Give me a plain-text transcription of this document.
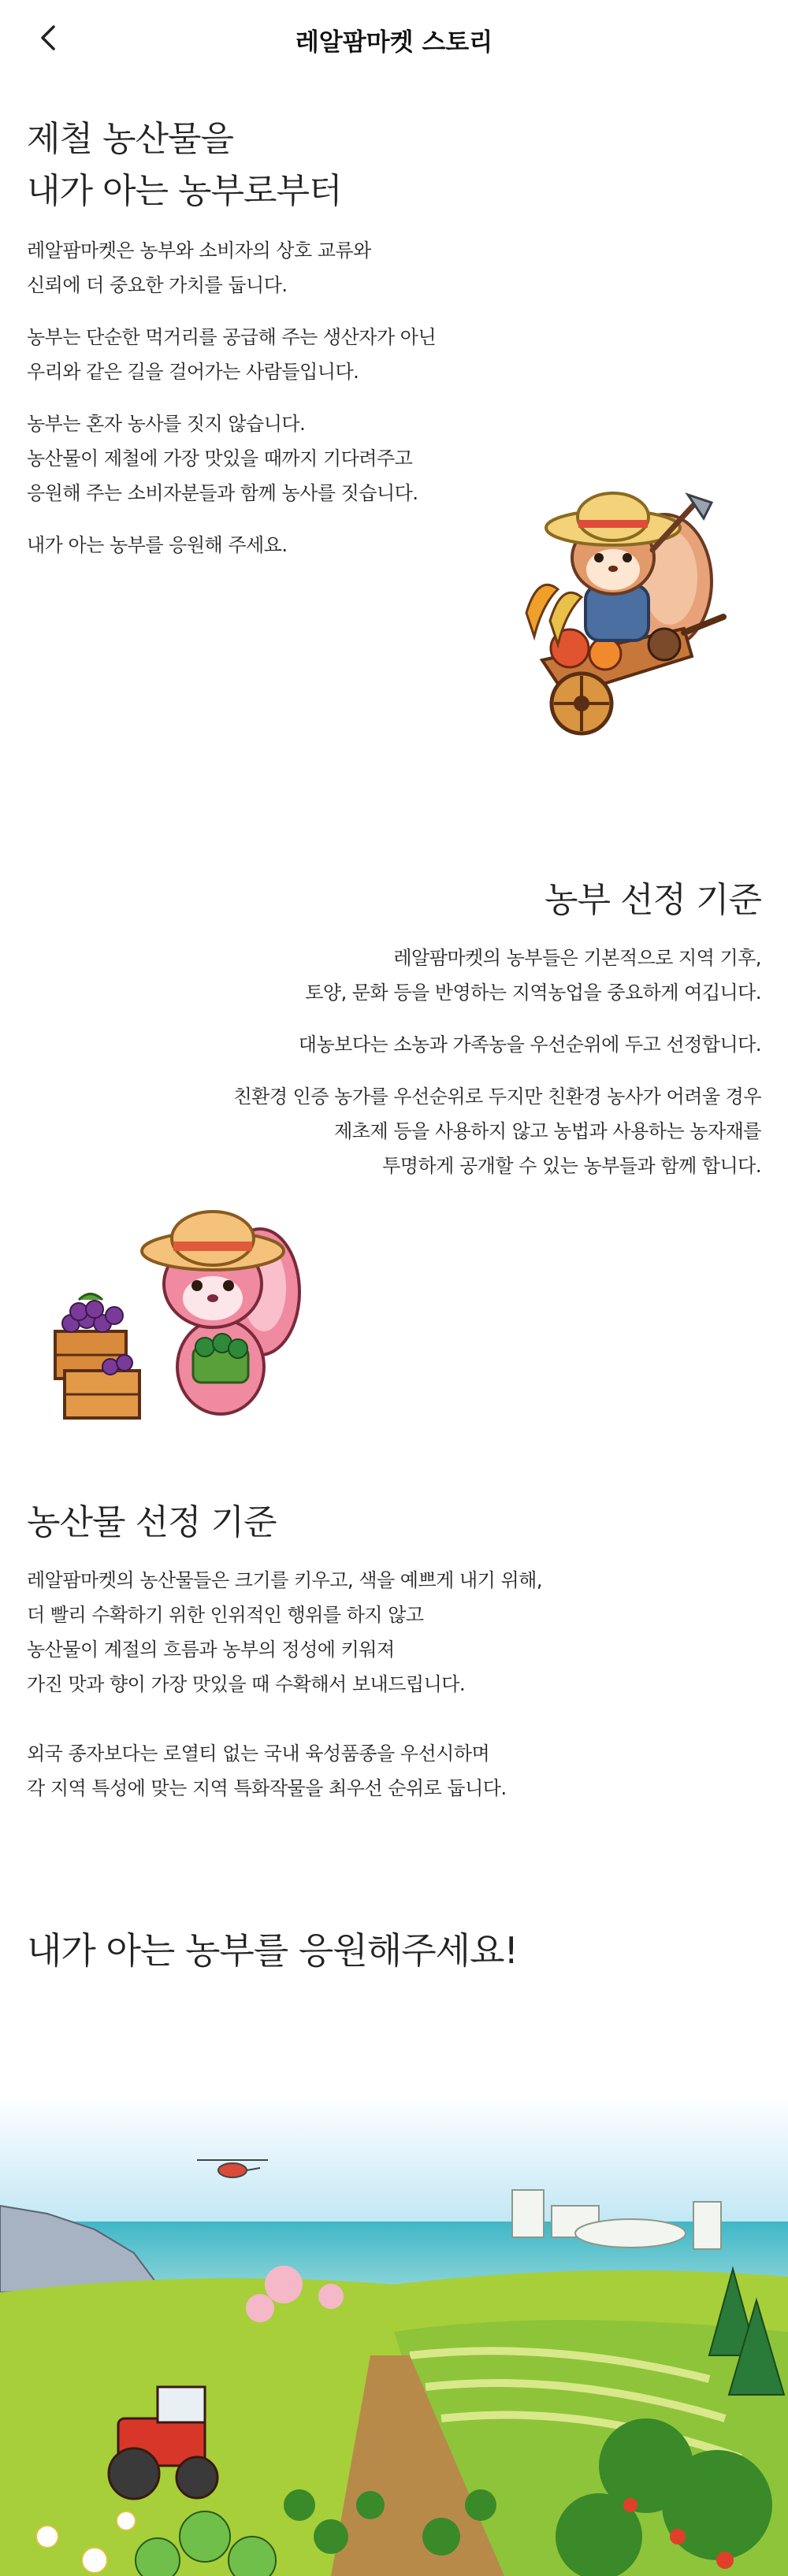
레알팜마켓 스토리
제철 농산물을
내가 아는 농부로부터
레알팜마켓은 농부와 소비자의 상호 교류와
신뢰에 더 중요한 가치를 둡니다.
농부는 단순한 먹거리를 공급해 주는 생산자가 아닌
우리와 같은 길을 걸어가는 사람들입니다.
농부는 혼자 농사를 짓지 않습니다.
농산물이 제철에 가장 맛있을 때까지 기다려주고
응원해 주는 소비자분들과 함께 농사를 짓습니다.
내가 아는 농부를 응원해 주세요.
농부 선정 기준
레알팜마켓의 농부들은 기본적으로 지역 기후,
토양, 문화 등을 반영하는 지역농업을 중요하게 여깁니다.
대농보다는 소농과 가족농을 우선순위에 두고 선정합니다.
친환경 인증 농가를 우선순위로 두지만 친환경 농사가 어려울 경우
제초제 등을 사용하지 않고 농법과 사용하는 농자재를
투명하게 공개할 수 있는 농부들과 함께 합니다.
농산물 선정 기준
레알팜마켓의 농산물들은 크기를 키우고, 색을 예쁘게 내기 위해,
더 빨리 수확하기 위한 인위적인 행위를 하지 않고
농산물이 계절의 흐름과 농부의 정성에 키워져
가진 맛과 향이 가장 맛있을 때 수확해서 보내드립니다.
외국 종자보다는 로열티 없는 국내 육성품종을 우선시하며
각 지역 특성에 맞는 지역 특화작물을 최우선 순위로 둡니다.
내가 아는 농부를 응원해주세요!
